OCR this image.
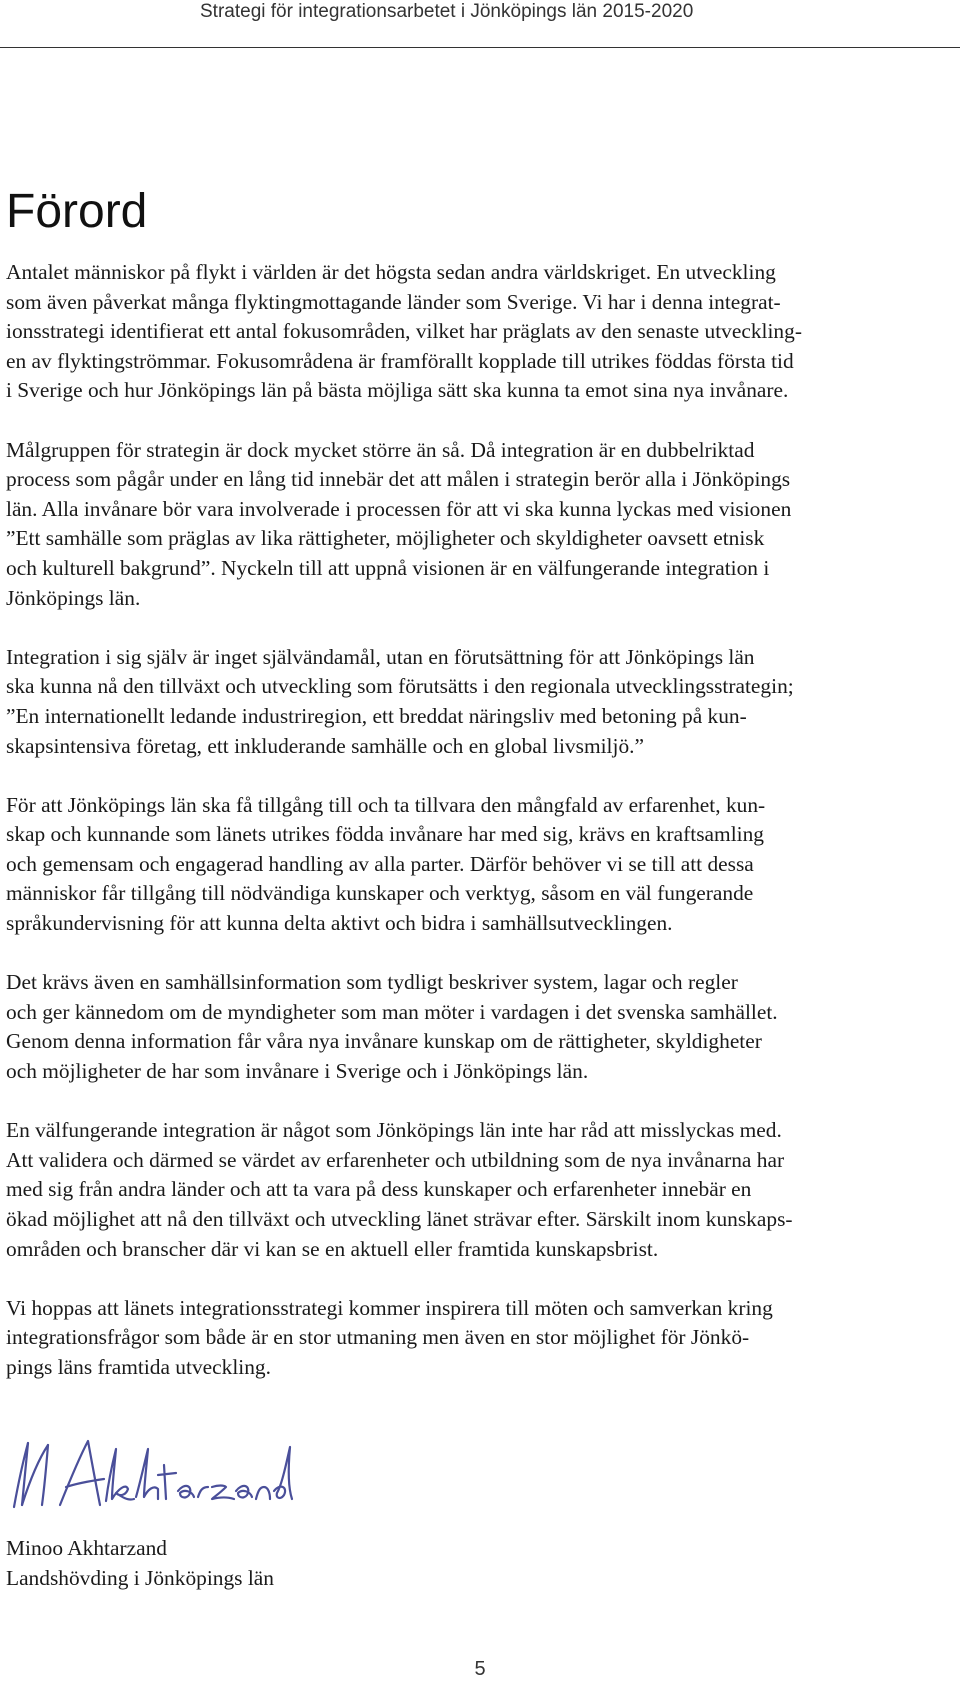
Strategi för integrationsarbetet i Jönköpings län 2015-2020
Förord

Antalet människor på flykt i världen är det högsta sedan andra världskriget. En utveckling
som även påverkat många flyktingmottagande länder som Sverige. Vi har i denna integrat-
ionsstrategi identifierat ett antal fokusområden, vilket har präglats av den senaste utveckling-
en av flyktingströmmar. Fokusområdena är framförallt kopplade till utrikes föddas första tid
i Sverige och hur Jönköpings län på bästa möjliga sätt ska kunna ta emot sina nya invånare.

Målgruppen för strategin är dock mycket större än så. Då integration är en dubbelriktad
process som pågår under en lång tid innebär det att målen i strategin berör alla i Jönköpings
län. Alla invånare bör vara involverade i processen för att vi ska kunna lyckas med visionen
”Ett samhälle som präglas av lika rättigheter, möjligheter och skyldigheter oavsett etnisk
och kulturell bakgrund”. Nyckeln till att uppnå visionen är en välfungerande integration i
Jönköpings län.

Integration i sig själv är inget självändamål, utan en förutsättning för att Jönköpings län
ska kunna nå den tillväxt och utveckling som förutsätts i den regionala utvecklingsstrategin;
”En internationellt ledande industriregion, ett breddat näringsliv med betoning på kun-
skapsintensiva företag, ett inkluderande samhälle och en global livsmiljö.”

För att Jönköpings län ska få tillgång till och ta tillvara den mångfald av erfarenhet, kun-
skap och kunnande som länets utrikes födda invånare har med sig, krävs en kraftsamling
och gemensam och engagerad handling av alla parter. Därför behöver vi se till att dessa
människor får tillgång till nödvändiga kunskaper och verktyg, såsom en väl fungerande
språkundervisning för att kunna delta aktivt och bidra i samhällsutvecklingen.

Det krävs även en samhällsinformation som tydligt beskriver system, lagar och regler
och ger kännedom om de myndigheter som man möter i vardagen i det svenska samhället.
Genom denna information får våra nya invånare kunskap om de rättigheter, skyldigheter
och möjligheter de har som invånare i Sverige och i Jönköpings län.

En välfungerande integration är något som Jönköpings län inte har råd att misslyckas med.
Att validera och därmed se värdet av erfarenheter och utbildning som de nya invånarna har
med sig från andra länder och att ta vara på dess kunskaper och erfarenheter innebär en
ökad möjlighet att nå den tillväxt och utveckling länet strävar efter. Särskilt inom kunskaps-
områden och branscher där vi kan se en aktuell eller framtida kunskapsbrist.

Vi hoppas att länets integrationsstrategi kommer inspirera till möten och samverkan kring
integrationsfrågor som både är en stor utmaning men även en stor möjlighet för Jönkö-
pings läns framtida utveckling.

Minoo Akhtarzand
Landshövding i Jönköpings län
5
